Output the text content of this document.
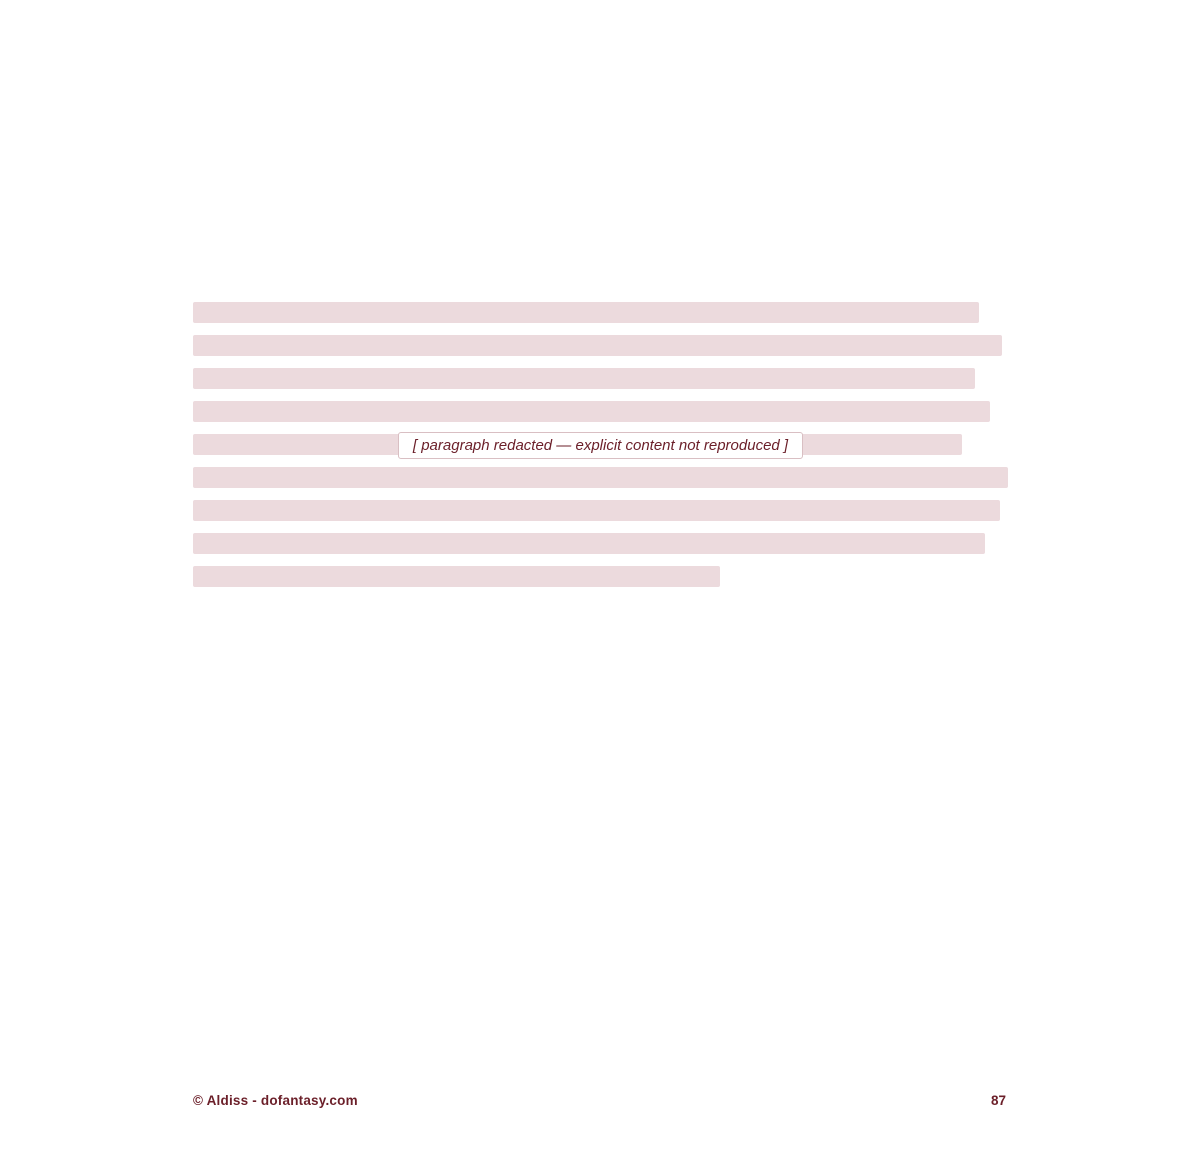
[ paragraph redacted — explicit content not reproduced ]
© Aldiss - dofantasy.com	87
